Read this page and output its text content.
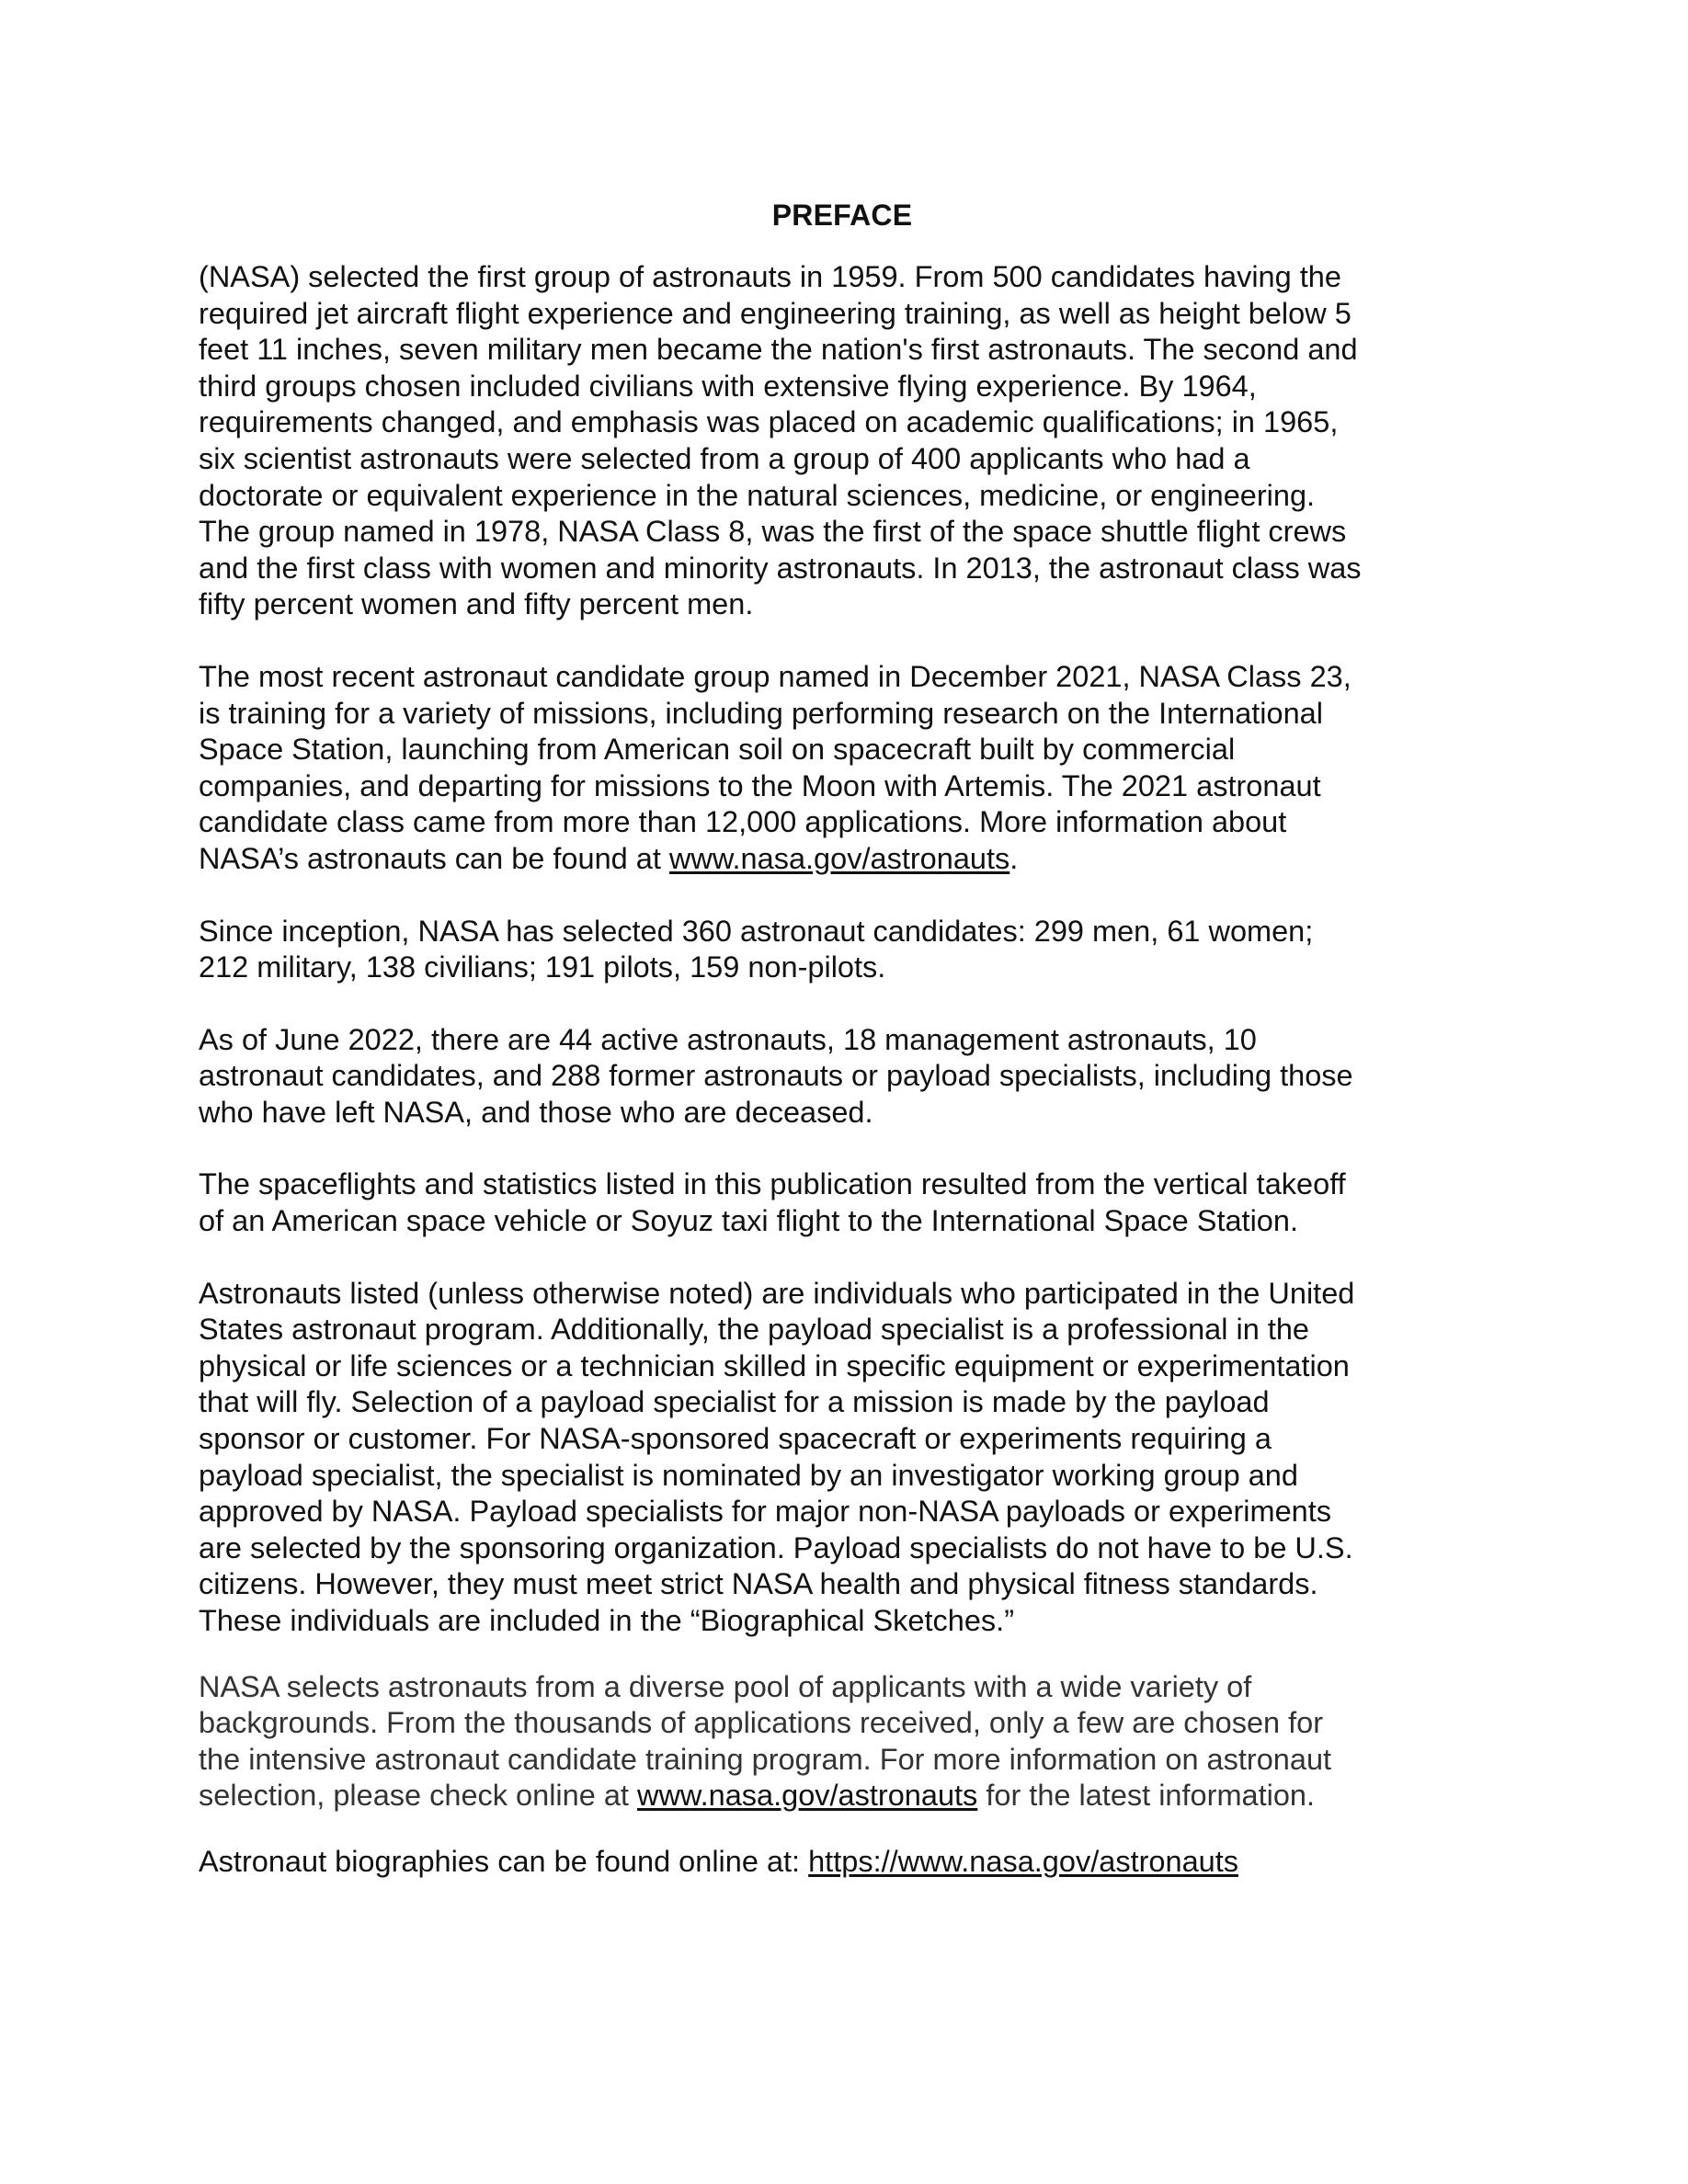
PREFACE

(NASA) selected the first group of astronauts in 1959. From 500 candidates having the
required jet aircraft flight experience and engineering training, as well as height below 5
feet 11 inches, seven military men became the nation's first astronauts. The second and
third groups chosen included civilians with extensive flying experience. By 1964,
requirements changed, and emphasis was placed on academic qualifications; in 1965,
six scientist astronauts were selected from a group of 400 applicants who had a
doctorate or equivalent experience in the natural sciences, medicine, or engineering.
The group named in 1978, NASA Class 8, was the first of the space shuttle flight crews
and the first class with women and minority astronauts. In 2013, the astronaut class was
fifty percent women and fifty percent men.

The most recent astronaut candidate group named in December 2021, NASA Class 23,
is training for a variety of missions, including performing research on the International
Space Station, launching from American soil on spacecraft built by commercial
companies, and departing for missions to the Moon with Artemis. The 2021 astronaut
candidate class came from more than 12,000 applications. More information about
NASA’s astronauts can be found at www.nasa.gov/astronauts.

Since inception, NASA has selected 360 astronaut candidates: 299 men, 61 women;
212 military, 138 civilians; 191 pilots, 159 non-pilots.

As of June 2022, there are 44 active astronauts, 18 management astronauts, 10
astronaut candidates, and 288 former astronauts or payload specialists, including those
who have left NASA, and those who are deceased.

The spaceflights and statistics listed in this publication resulted from the vertical takeoff
of an American space vehicle or Soyuz taxi flight to the International Space Station.

Astronauts listed (unless otherwise noted) are individuals who participated in the United
States astronaut program. Additionally, the payload specialist is a professional in the
physical or life sciences or a technician skilled in specific equipment or experimentation
that will fly. Selection of a payload specialist for a mission is made by the payload
sponsor or customer. For NASA-sponsored spacecraft or experiments requiring a
payload specialist, the specialist is nominated by an investigator working group and
approved by NASA. Payload specialists for major non-NASA payloads or experiments
are selected by the sponsoring organization. Payload specialists do not have to be U.S.
citizens. However, they must meet strict NASA health and physical fitness standards.
These individuals are included in the “Biographical Sketches.”

NASA selects astronauts from a diverse pool of applicants with a wide variety of
backgrounds. From the thousands of applications received, only a few are chosen for
the intensive astronaut candidate training program. For more information on astronaut
selection, please check online at www.nasa.gov/astronauts for the latest information.

Astronaut biographies can be found online at: https://www.nasa.gov/astronauts
